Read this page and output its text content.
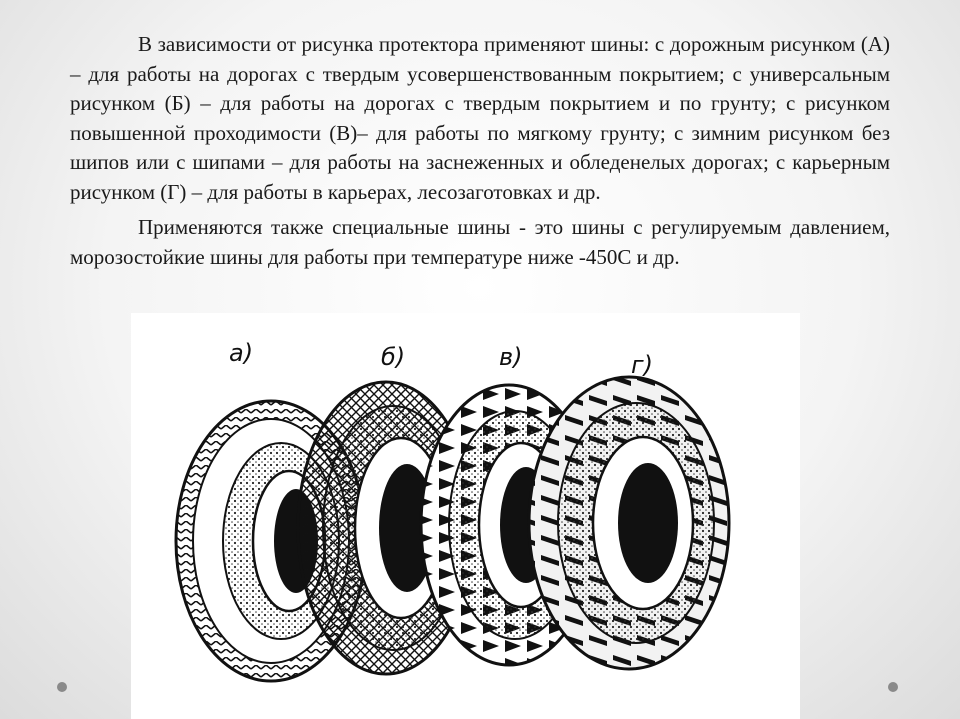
В зависимости от рисунка протектора применяют шины: с дорожным рисунком (А) – для работы на дорогах с твердым усовершенствованным покрытием; с универсальным рисунком (Б) – для работы на дорогах с твердым покрытием и по грунту; с рисунком повышенной проходимости (В)– для работы по мягкому грунту; с зимним рисунком без шипов или с шипами – для работы на заснеженных и обледенелых дорогах; с карьерным рисунком (Г) – для работы в карьерах, лесозаготовках и др.

Применяются также специальные шины - это шины с регулируемым давлением, морозостойкие шины для работы при температуре ниже -450С и др.

а)	б)	в)	г)
